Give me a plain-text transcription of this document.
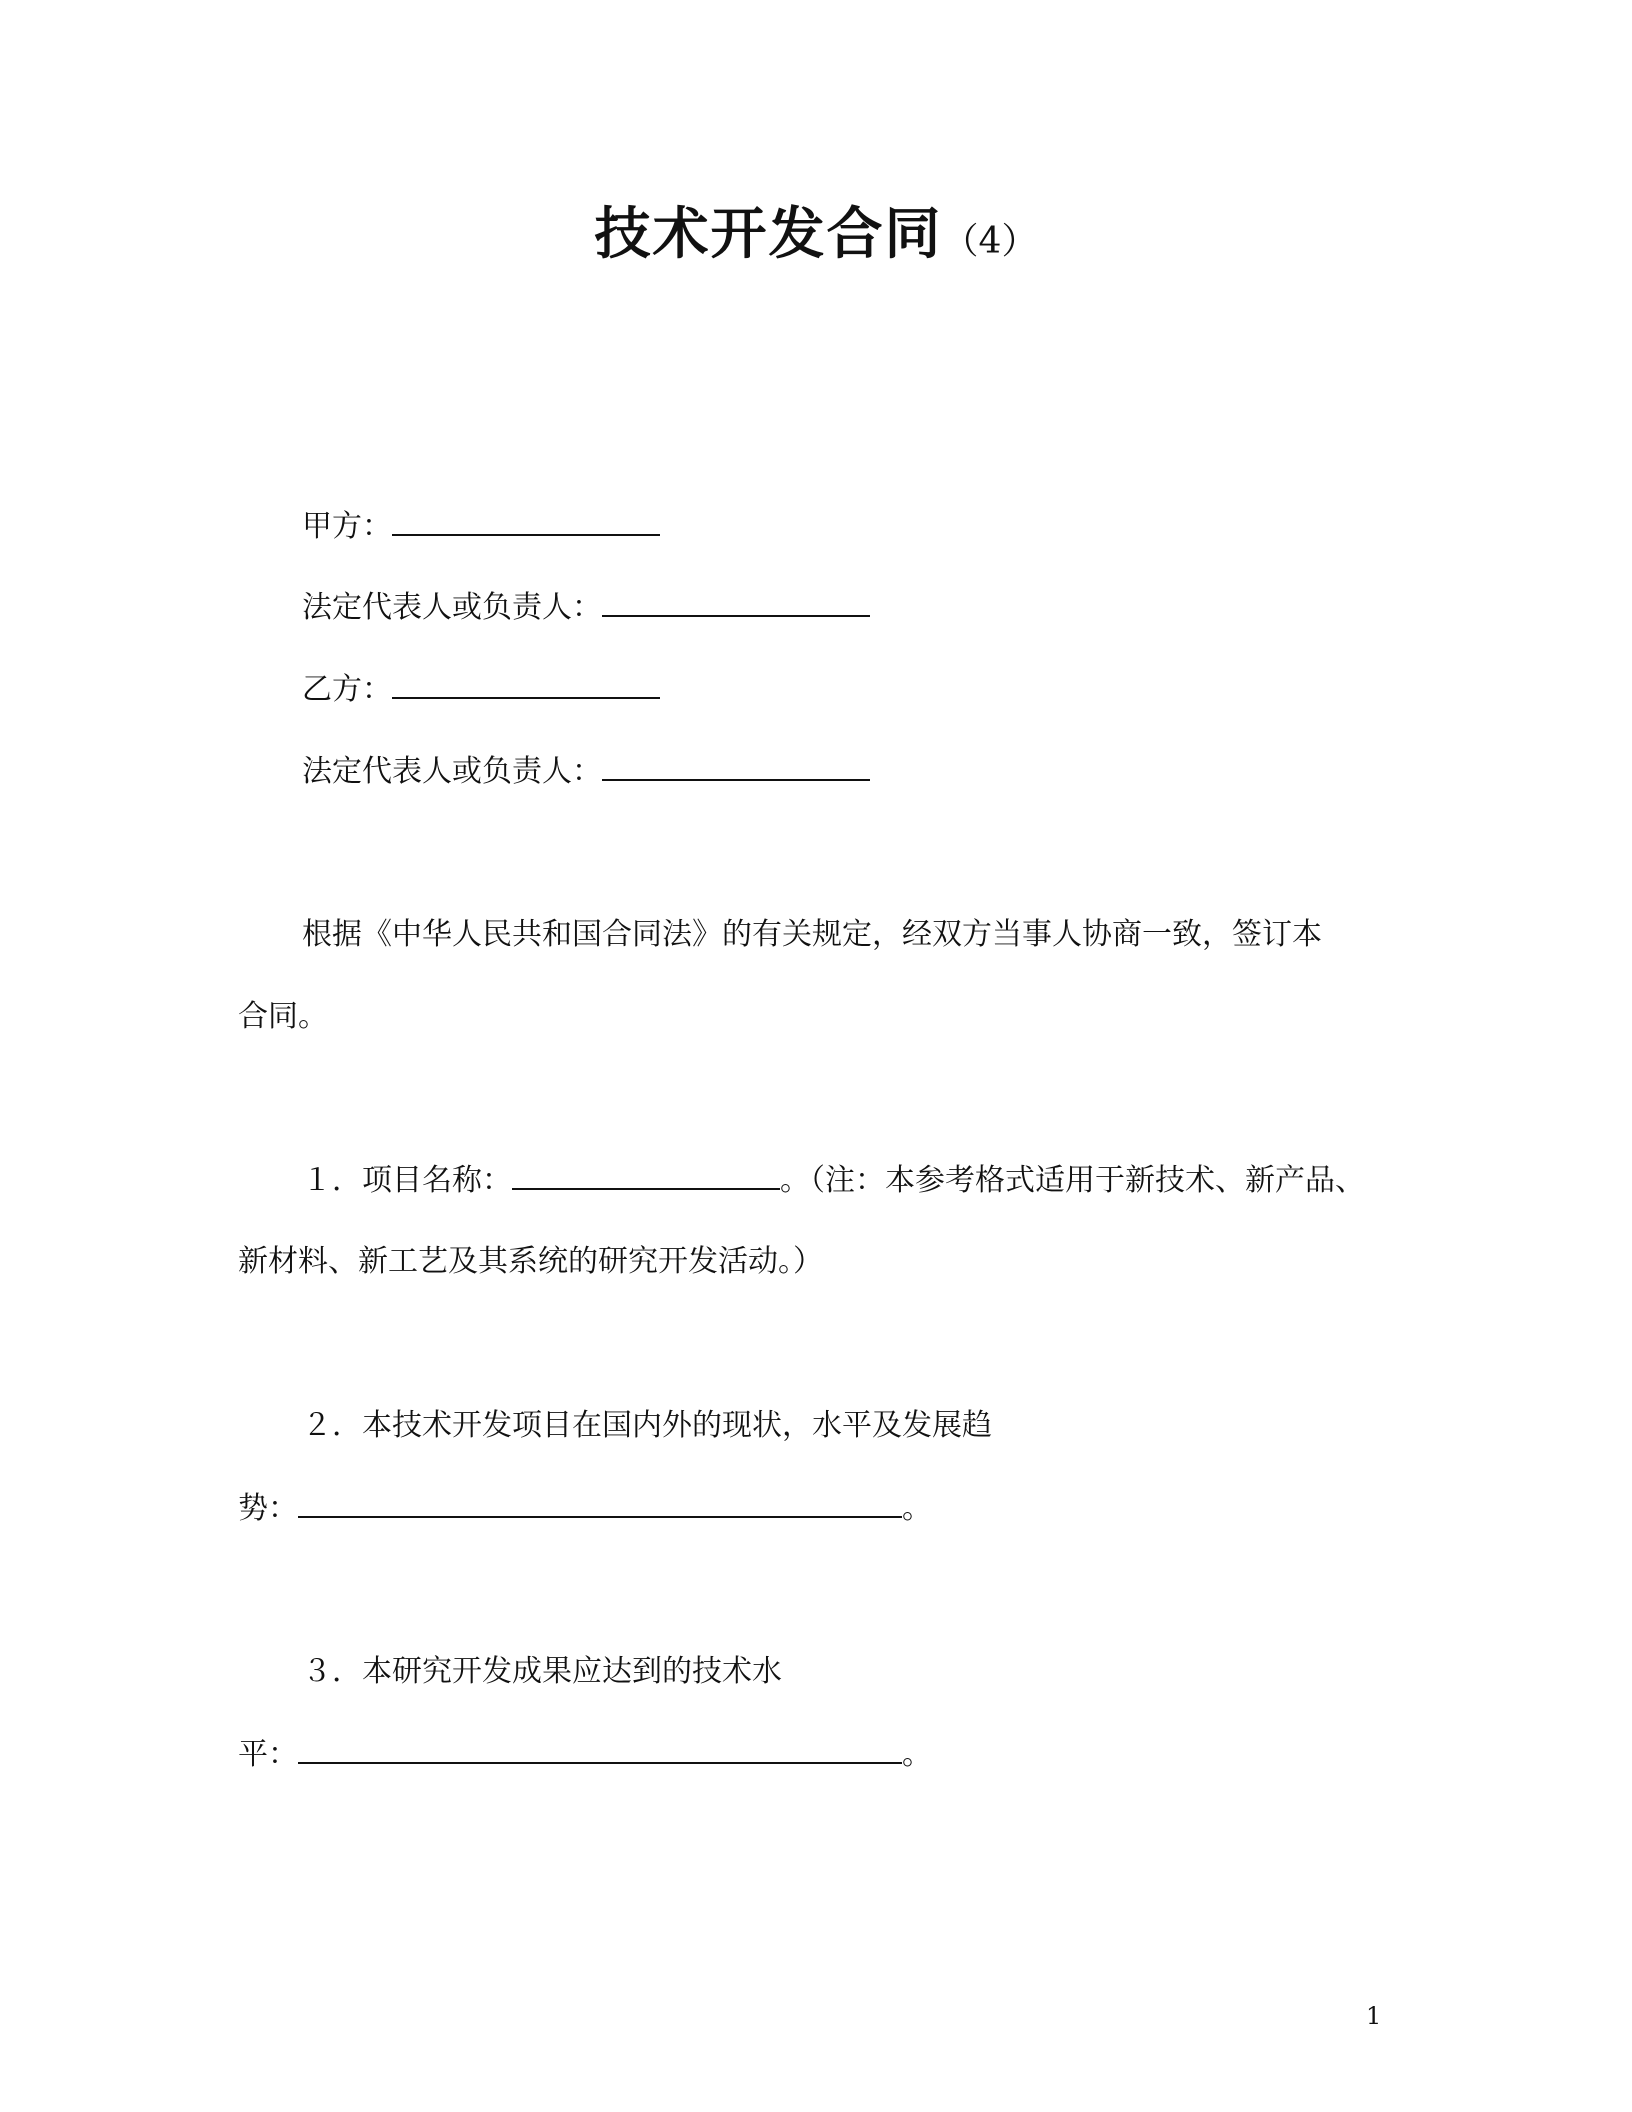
技术开发合同（4）
甲方：
法定代表人或负责人：
乙方：
法定代表人或负责人：
根据《中华人民共和国合同法》的有关规定，经双方当事人协商一致，签订本
合同。
１．项目名称：	。（注：本参考格式适用于新技术、新产品、
新材料、新工艺及其系统的研究开发活动。）
２．本技术开发项目在国内外的现状，水平及发展趋
势：	。
３．本研究开发成果应达到的技术水
平：	。
1
